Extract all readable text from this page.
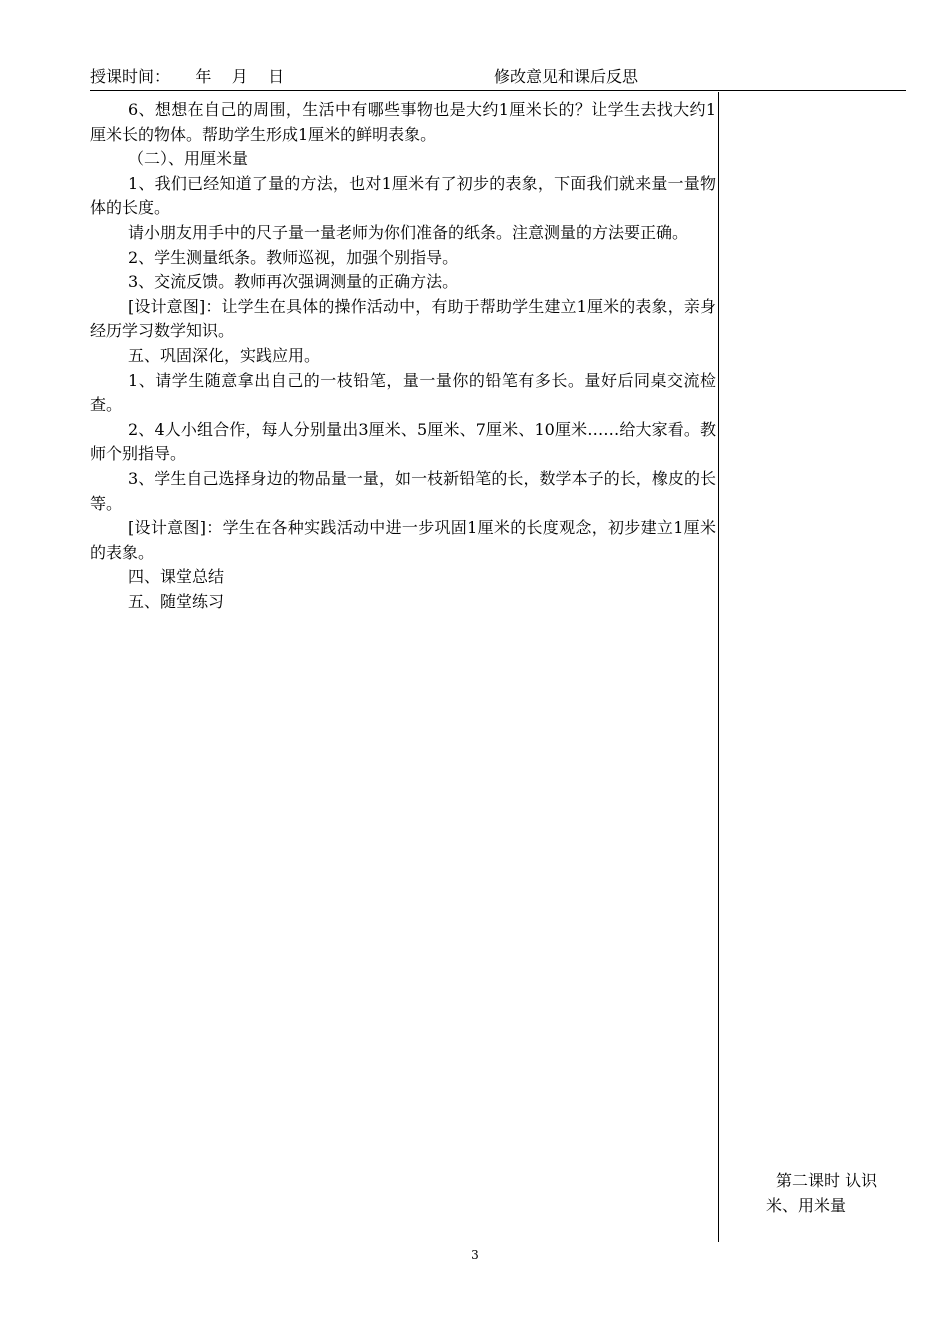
授课时间：     年    月    日	修改意见和课后反思

6、想想在自己的周围，生活中有哪些事物也是大约1厘米长的？让学生去找大约1厘米长的物体。帮助学生形成1厘米的鲜明表象。

（二）、用厘米量

1、我们已经知道了量的方法，也对1厘米有了初步的表象，下面我们就来量一量物体的长度。

请小朋友用手中的尺子量一量老师为你们准备的纸条。注意测量的方法要正确。

2、学生测量纸条。教师巡视，加强个别指导。

3、交流反馈。教师再次强调测量的正确方法。

[设计意图]：让学生在具体的操作活动中，有助于帮助学生建立1厘米的表象，亲身经历学习数学知识。

五、巩固深化，实践应用。

1、请学生随意拿出自己的一枝铅笔，量一量你的铅笔有多长。量好后同桌交流检查。

2、4人小组合作，每人分别量出3厘米、5厘米、7厘米、10厘米……给大家看。教师个别指导。

3、学生自己选择身边的物品量一量，如一枝新铅笔的长，数学本子的长，橡皮的长等。

[设计意图]：学生在各种实践活动中进一步巩固1厘米的长度观念，初步建立1厘米的表象。

四、课堂总结

五、随堂练习

第二课时 认识米、用米量

3
